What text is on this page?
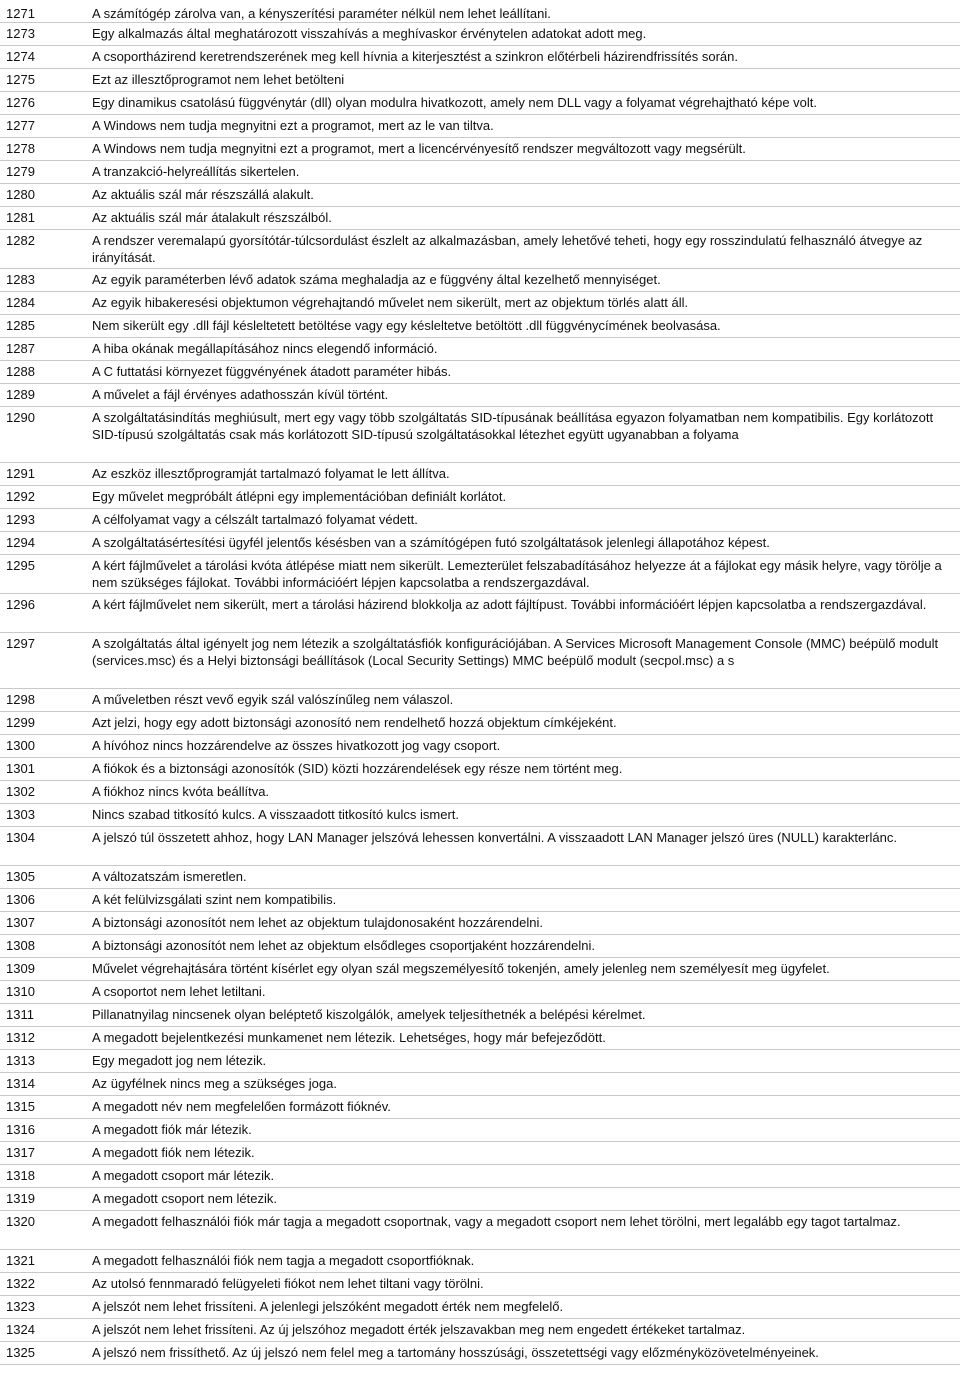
1271	A számítógép zárolva van, a kényszerítési paraméter nélkül nem lehet leállítani.
1273	Egy alkalmazás által meghatározott visszahívás a meghívaskor érvénytelen adatokat adott meg.
1274	A csoportházirend keretrendszerének meg kell hívnia a kiterjesztést a szinkron előtérbeli házirendfrissítés során.
1275	Ezt az illesztőprogramot nem lehet betölteni
1276	Egy dinamikus csatolású függvénytár (dll) olyan modulra hivatkozott, amely nem DLL vagy a folyamat végrehajtható képe volt.
1277	A Windows nem tudja megnyitni ezt a programot, mert az le van tiltva.
1278	A Windows nem tudja megnyitni ezt a programot, mert a licencérvényesítő rendszer megváltozott vagy megsérült.
1279	A tranzakció-helyreállítás sikertelen.
1280	Az aktuális szál már részszállá alakult.
1281	Az aktuális szál már átalakult részszálból.
1282	A rendszer veremalapú gyorsítótár-túlcsordulást észlelt az alkalmazásban, amely lehetővé teheti, hogy egy rosszindulatú felhasználó átvegye az irányítását.
1283	Az egyik paraméterben lévő adatok száma meghaladja az e függvény által kezelhető mennyiséget.
1284	Az egyik hibakeresési objektumon végrehajtandó művelet nem sikerült, mert az objektum törlés alatt áll.
1285	Nem sikerült egy .dll fájl késleltetett betöltése vagy egy késleltetve betöltött .dll függvénycímének beolvasása.
1287	A hiba okának megállapításához nincs elegendő információ.
1288	A C futtatási környezet függvényének átadott paraméter hibás.
1289	A művelet a fájl érvényes adathosszán kívül történt.
1290	A szolgáltatásindítás meghiúsult, mert egy vagy több szolgáltatás SID-típusának beállítása egyazon folyamatban nem kompatibilis. Egy korlátozott SID-típusú szolgáltatás csak más korlátozott SID-típusú szolgáltatásokkal létezhet együtt ugyanabban a folyama
1291	Az eszköz illesztőprogramját tartalmazó folyamat le lett állítva.
1292	Egy művelet megpróbált átlépni egy implementációban definiált korlátot.
1293	A célfolyamat vagy a célszált tartalmazó folyamat védett.
1294	A szolgáltatásértesítési ügyfél jelentős késésben van a számítógépen futó szolgáltatások jelenlegi állapotához képest.
1295	A kért fájlművelet a tárolási kvóta átlépése miatt nem sikerült. Lemezterület felszabadításához helyezze át a fájlokat egy másik helyre, vagy törölje a nem szükséges fájlokat. További információért lépjen kapcsolatba a rendszergazdával.
1296	A kért fájlművelet nem sikerült, mert a tárolási házirend blokkolja az adott fájltípust. További információért lépjen kapcsolatba a rendszergazdával.
1297	A szolgáltatás által igényelt jog nem létezik a szolgáltatásfiók konfigurációjában. A Services Microsoft Management Console (MMC) beépülő modult (services.msc) és a Helyi biztonsági beállítások (Local Security Settings) MMC beépülő modult (secpol.msc) a s
1298	A műveletben részt vevő egyik szál valószínűleg nem válaszol.
1299	Azt jelzi, hogy egy adott biztonsági azonosító nem rendelhető hozzá objektum címkéjeként.
1300	A hívóhoz nincs hozzárendelve az összes hivatkozott jog vagy csoport.
1301	A fiókok és a biztonsági azonosítók (SID) közti hozzárendelések egy része nem történt meg.
1302	A fiókhoz nincs kvóta beállítva.
1303	Nincs szabad titkosító kulcs. A visszaadott titkosító kulcs ismert.
1304	A jelszó túl összetett ahhoz, hogy LAN Manager jelszóvá lehessen konvertálni. A visszaadott LAN Manager jelszó üres (NULL) karakterlánc.
1305	A változatszám ismeretlen.
1306	A két felülvizsgálati szint nem kompatibilis.
1307	A biztonsági azonosítót nem lehet az objektum tulajdonosaként hozzárendelni.
1308	A biztonsági azonosítót nem lehet az objektum elsődleges csoportjaként hozzárendelni.
1309	Művelet végrehajtására történt kísérlet egy olyan szál megszemélyesítő tokenjén, amely jelenleg nem személyesít meg ügyfelet.
1310	A csoportot nem lehet letiltani.
1311	Pillanatnyilag nincsenek olyan beléptető kiszolgálók, amelyek teljesíthetnék a belépési kérelmet.
1312	A megadott bejelentkezési munkamenet nem létezik. Lehetséges, hogy már befejeződött.
1313	Egy megadott jog nem létezik.
1314	Az ügyfélnek nincs meg a szükséges joga.
1315	A megadott név nem megfelelően formázott fióknév.
1316	A megadott fiók már létezik.
1317	A megadott fiók nem létezik.
1318	A megadott csoport már létezik.
1319	A megadott csoport nem létezik.
1320	A megadott felhasználói fiók már tagja a megadott csoportnak, vagy a megadott csoport nem lehet törölni, mert legalább egy tagot tartalmaz.
1321	A megadott felhasználói fiók nem tagja a megadott csoportfióknak.
1322	Az utolsó fennmaradó felügyeleti fiókot nem lehet tiltani vagy törölni.
1323	A jelszót nem lehet frissíteni. A jelenlegi jelszóként megadott érték nem megfelelő.
1324	A jelszót nem lehet frissíteni. Az új jelszóhoz megadott érték jelszavakban meg nem engedett értékeket tartalmaz.
1325	A jelszó nem frissíthető. Az új jelszó nem felel meg a tartomány hosszúsági, összetettségi vagy előzményközövetelményeinek.
